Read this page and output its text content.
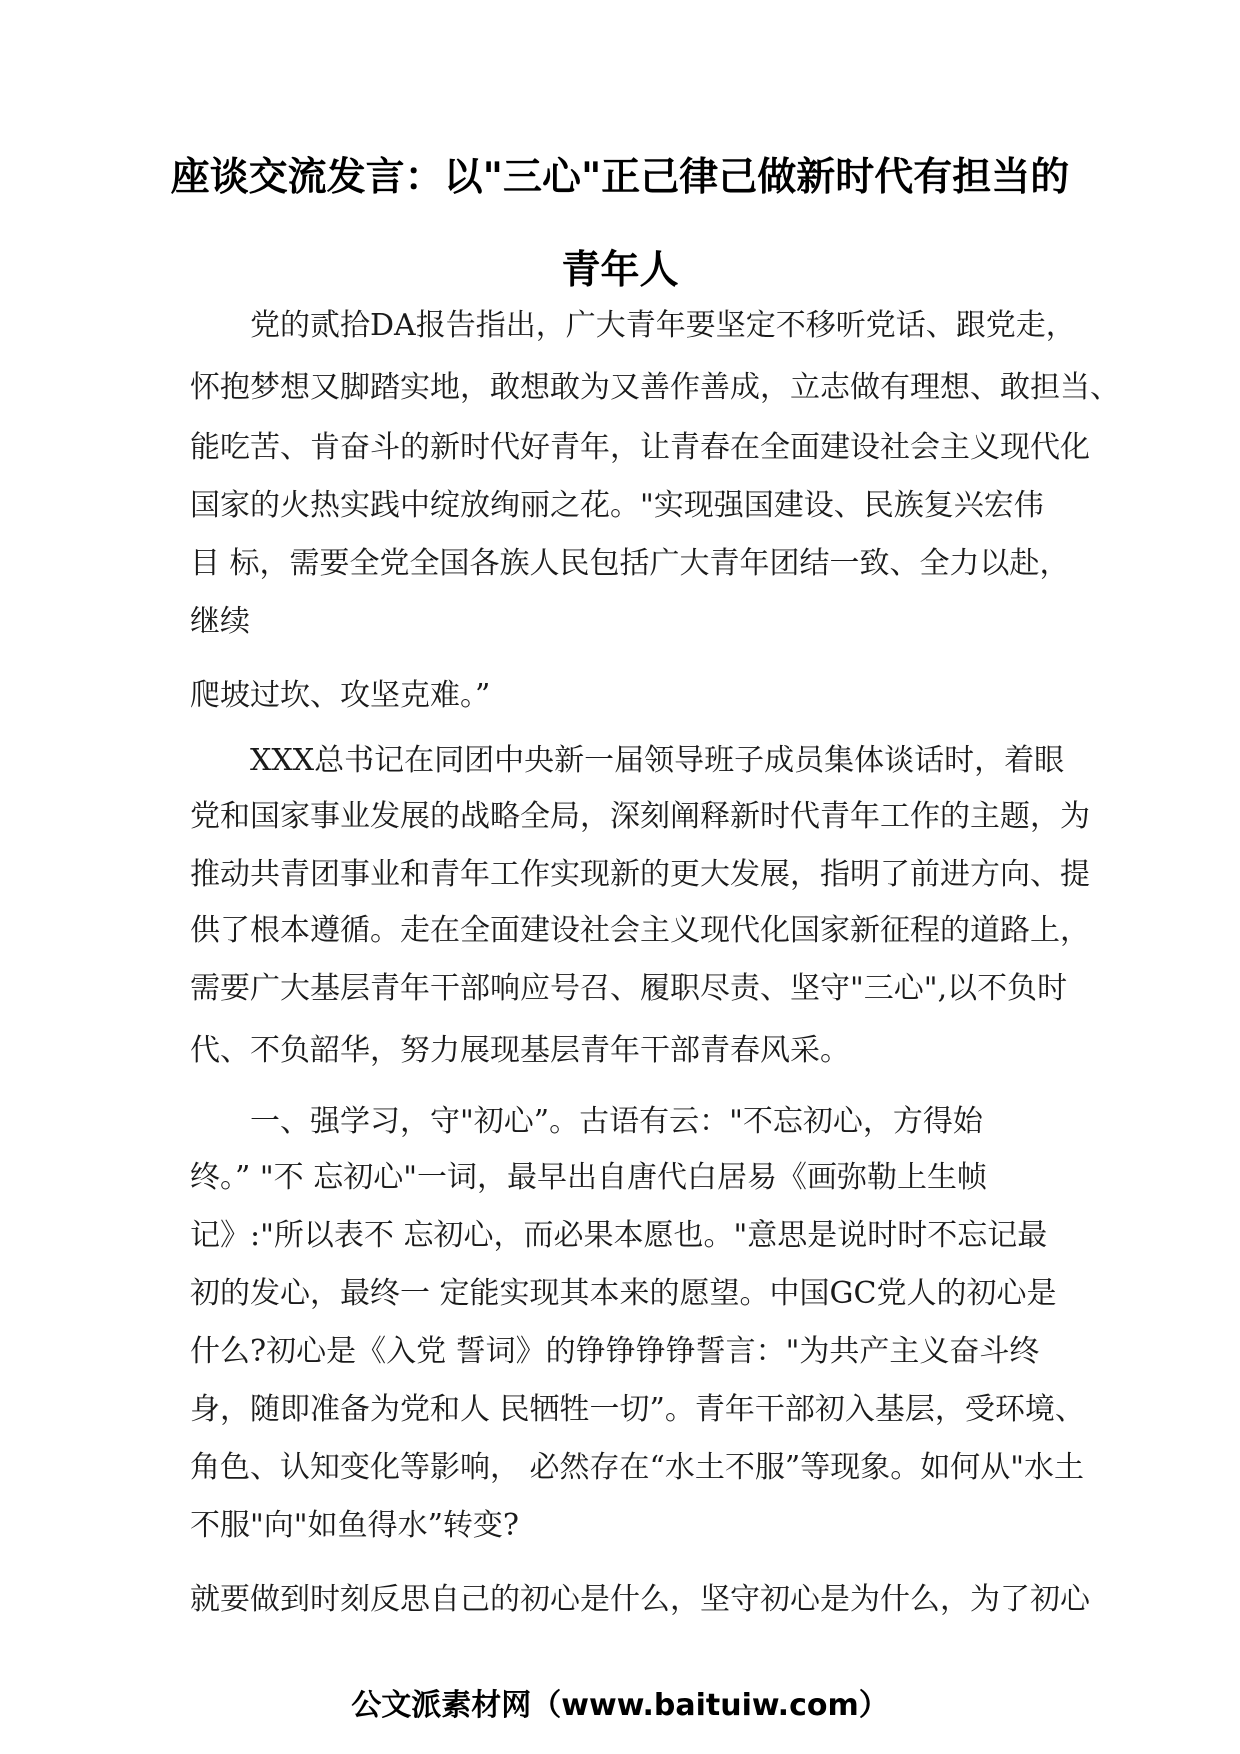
座谈交流发言：以"三心"正己律己做新时代有担当的
青年人
党的贰拾DA报告指出，广大青年要坚定不移听党话、跟党走，
怀抱梦想又脚踏实地，敢想敢为又善作善成，立志做有理想、敢担当、
能吃苦、肯奋斗的新时代好青年，让青春在全面建设社会主义现代化
国家的火热实践中绽放绚丽之花。"实现强国建设、民族复兴宏伟
目 标，需要全党全国各族人民包括广大青年团结一致、全力以赴，
继续
爬坡过坎、攻坚克难。”
XXX总书记在同团中央新一届领导班子成员集体谈话时，着眼
党和国家事业发展的战略全局，深刻阐释新时代青年工作的主题，为
推动共青团事业和青年工作实现新的更大发展，指明了前进方向、提
供了根本遵循。走在全面建设社会主义现代化国家新征程的道路上，
需要广大基层青年干部响应号召、履职尽责、坚守"三心",以不负时
代、不负韶华，努力展现基层青年干部青春风采。
一、强学习，守"初心”。古语有云："不忘初心，方得始
终。” "不 忘初心"一词，最早出自唐代白居易《画弥勒上生帧
记》:"所以表不 忘初心，而必果本愿也。"意思是说时时不忘记最
初的发心，最终一 定能实现其本来的愿望。中国GC党人的初心是
什么?初心是《入党 誓词》的铮铮铮铮誓言："为共产主义奋斗终
身，随即准备为党和人 民牺牲一切”。青年干部初入基层，受环境、
角色、认知变化等影响， 必然存在“水土不服”等现象。如何从"水土
不服"向"如鱼得水”转变?
就要做到时刻反思自己的初心是什么，坚守初心是为什么，为了初心
公文派素材网（www.baituiw.com）
